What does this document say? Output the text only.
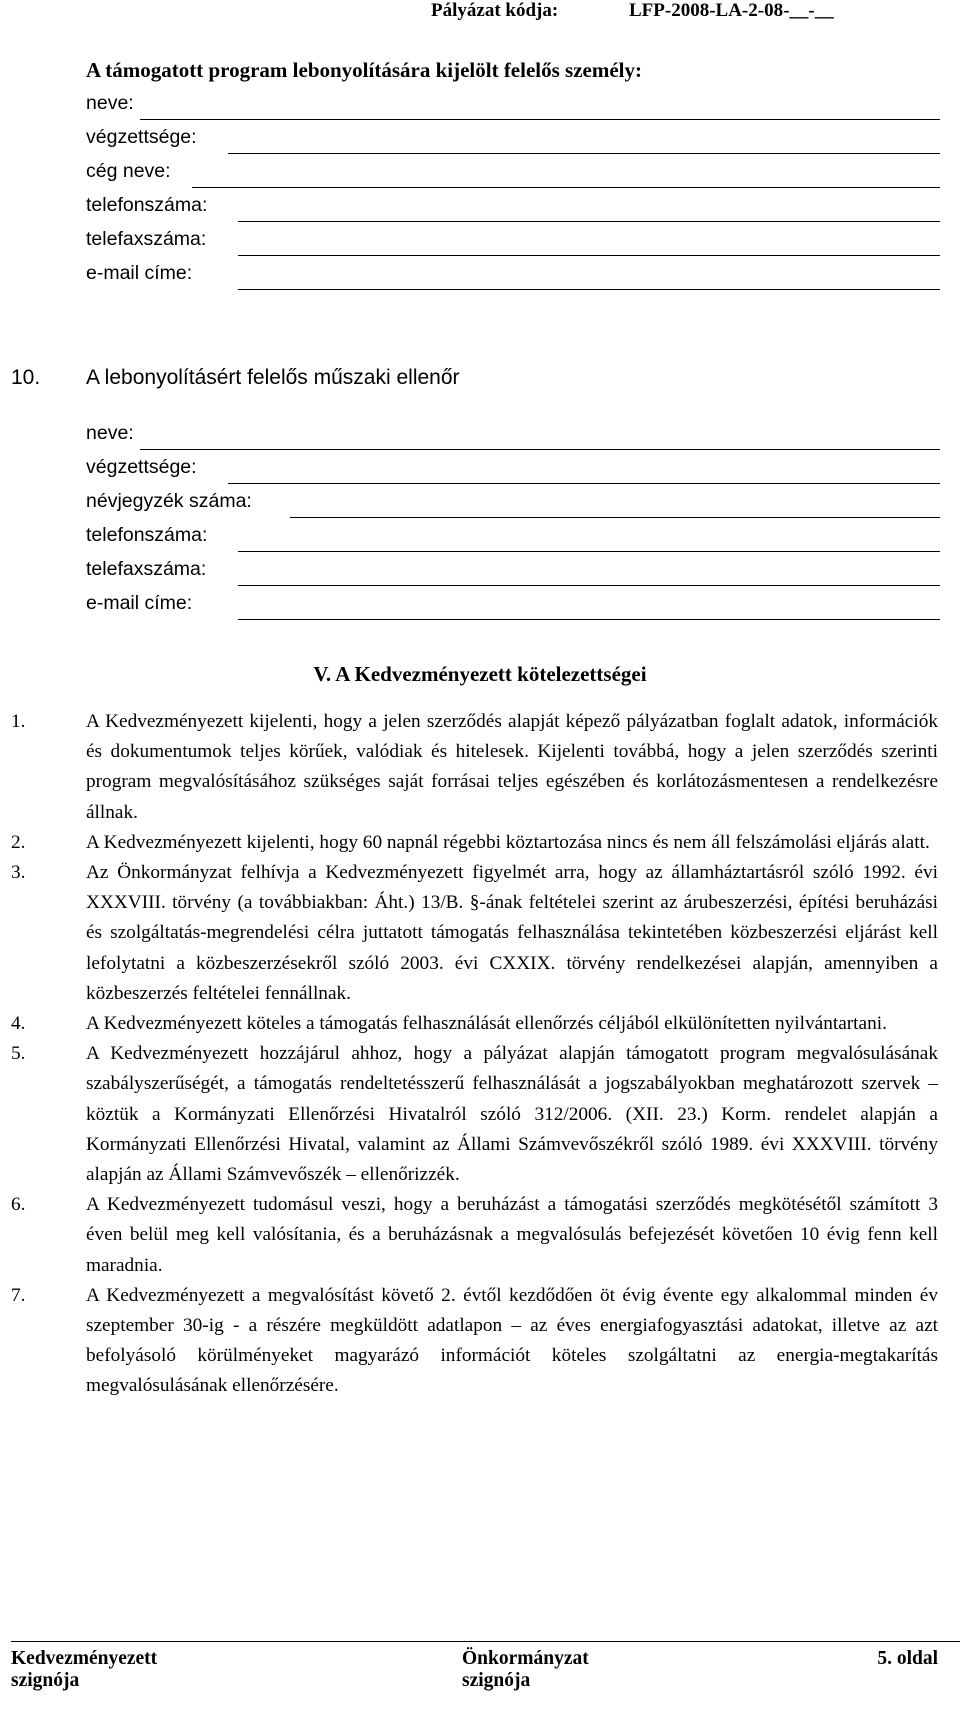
Pályázat kódja:	LFP-2008-LA-2-08-__-__
A támogatott program lebonyolítására kijelölt felelős személy:
neve:
végzettsége:
cég neve:
telefonszáma:
telefaxszáma:
e-mail címe:
10. A lebonyolításért felelős műszaki ellenőr
neve:
végzettsége:
névjegyzék száma:
telefonszáma:
telefaxszáma:
e-mail címe:
V. A Kedvezményezett kötelezettségei
1.	A Kedvezményezett kijelenti, hogy a jelen szerződés alapját képező pályázatban foglalt adatok, információk és dokumentumok teljes körűek, valódiak és hitelesek. Kijelenti továbbá, hogy a jelen szerződés szerinti program megvalósításához szükséges saját forrásai teljes egészében és korlátozásmentesen a rendelkezésre állnak.
2.	A Kedvezményezett kijelenti, hogy 60 napnál régebbi köztartozása nincs és nem áll felszámolási eljárás alatt.
3.	Az Önkormányzat felhívja a Kedvezményezett figyelmét arra, hogy az államháztartásról szóló 1992. évi XXXVIII. törvény (a továbbiakban: Áht.) 13/B. §-ának feltételei szerint az árubeszerzési, építési beruházási és szolgáltatás-megrendelési célra juttatott támogatás felhasználása tekintetében közbeszerzési eljárást kell lefolytatni a közbeszerzésekről szóló 2003. évi CXXIX. törvény rendelkezései alapján, amennyiben a közbeszerzés feltételei fennállnak.
4.	A Kedvezményezett köteles a támogatás felhasználását ellenőrzés céljából elkülönítetten nyilvántartani.
5.	A Kedvezményezett hozzájárul ahhoz, hogy a pályázat alapján támogatott program megvalósulásának szabályszerűségét, a támogatás rendeltetésszerű felhasználását a jogszabályokban meghatározott szervek – köztük a Kormányzati Ellenőrzési Hivatalról szóló 312/2006. (XII. 23.) Korm. rendelet alapján a Kormányzati Ellenőrzési Hivatal, valamint az Állami Számvevőszékről szóló 1989. évi XXXVIII. törvény alapján az Állami Számvevőszék – ellenőrizzék.
6.	A Kedvezményezett tudomásul veszi, hogy a beruházást a támogatási szerződés megkötésétől számított 3 éven belül meg kell valósítania, és a beruházásnak a megvalósulás befejezését követően 10 évig fenn kell maradnia.
7.	A Kedvezményezett a megvalósítást követő 2. évtől kezdődően öt évig évente egy alkalommal minden év szeptember 30-ig - a részére megküldött adatlapon – az éves energiafogyasztási adatokat, illetve az azt befolyásoló körülményeket magyarázó információt köteles szolgáltatni az energia-megtakarítás megvalósulásának ellenőrzésére.
Kedvezményezett
szignója
Önkormányzat
szignója
5. oldal
